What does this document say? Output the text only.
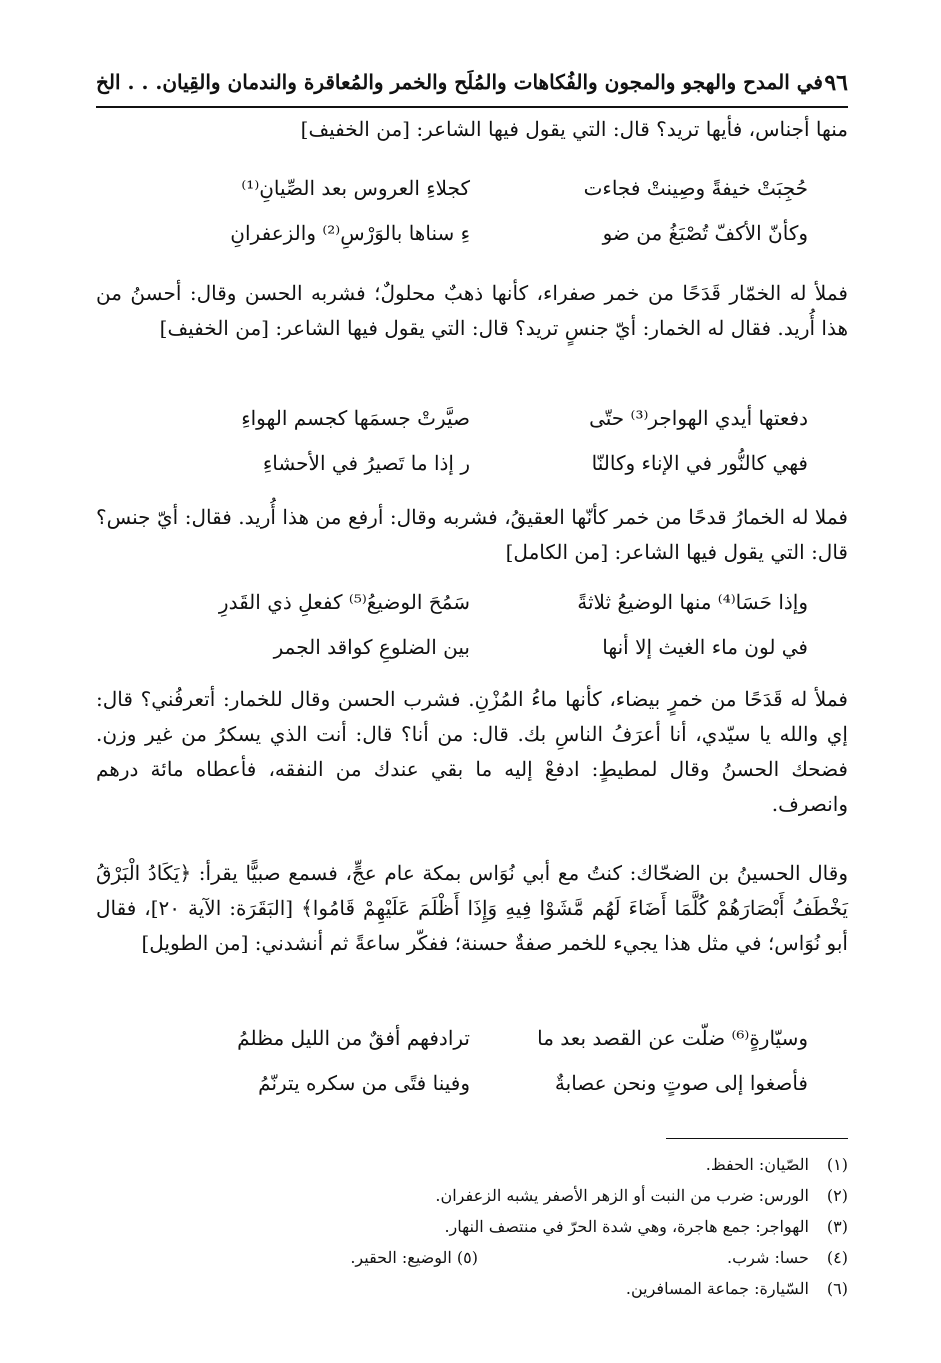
٩٦
في المدح والهجو والمجون والفُكاهات والمُلَح والخمر والمُعاقرة والندمان والقِيان. . . الخ

منها أجناس، فأيها تريد؟ قال: التي يقول فيها الشاعر: [من الخفيف]

حُجِبَتْ خيفةً وصِينتْ فجاءت
كجلاءِ العروس بعد الصِّيانِ⁽¹⁾
وكأنّ الأكفّ تُصْبَغُ من ضو
ءِ سناها بالوَرْسِ⁽²⁾ والزعفرانِ

فملأ له الخمّار قَدَحًا من خمر صفراء، كأنها ذهبٌ محلولٌ؛ فشربه الحسن وقال: أحسنُ من هذا أُريد. فقال له الخمار: أيّ جنسٍ تريد؟ قال: التي يقول فيها الشاعر: [من الخفيف]

دفعتها أيدي الهواجر⁽³⁾ حتّى
صيَّرتْ جسمَها كجسم الهواءِ
فهي كالنُّور في الإناء وكالنّا
ر إذا ما تَصيرُ في الأحشاءِ

فملا له الخمارُ قدحًا من خمر كأنّها العقيقُ، فشربه وقال: أرفع من هذا أُريد. فقال: أيّ جنس؟ قال: التي يقول فيها الشاعر: [من الكامل]

وإذا حَسَا⁽⁴⁾ منها الوضيعُ ثلاثةً
سَمُحَ الوضيعُ⁽⁵⁾ كفعلِ ذي القَدرِ
في لون ماء الغيث إلا أنها
بين الضلوعِ كواقد الجمر

فملأ له قَدَحًا من خمرٍ بيضاء، كأنها ماءُ المُزْنِ. فشرب الحسن وقال للخمار: أتعرفُني؟ قال: إي والله يا سيّدي، أنا أعرَفُ الناسِ بك. قال: من أنا؟ قال: أنت الذي يسكرُ من غير وزن. فضحك الحسنُ وقال لمطيطٍ: ادفعْ إليه ما بقي عندك من النفقه، فأعطاه مائة درهم وانصرف.

وقال الحسينُ بن الضحّاك: كنتُ مع أبي نُوَاس بمكة عام عجٍّ، فسمع صبيًّا يقرأ: ﴿يَكَادُ الْبَرْقُ يَخْطَفُ أَبْصَارَهُمْ كُلَّمَا أَضَاءَ لَهُم مَّشَوْا فِيهِ وَإِذَا أَظْلَمَ عَلَيْهِمْ قَامُوا﴾ [البَقَرَة: الآية ٢٠]، فقال أبو نُوَاس؛ في مثل هذا يجيء للخمر صفةٌ حسنة؛ ففكّر ساعةً ثم أنشدني: [من الطويل]

وسيّارةٍ⁽⁶⁾ ضلّت عن القصد بعد ما
ترادفهم أفقٌ من الليل مظلمُ
فأصغوا إلى صوتٍ ونحن عصابةٌ
وفينا فتًى من سكره يترنّمُ
(١) الصّيان: الحفظ.
(٢) الورس: ضرب من النبت أو الزهر الأصفر يشبه الزعفران.
(٣) الهواجر: جمع هاجرة، وهي شدة الحرّ في منتصف النهار.
(٤) حسا: شرب.
(٥) الوضيع: الحقير.
(٦) السّيارة: جماعة المسافرين.
